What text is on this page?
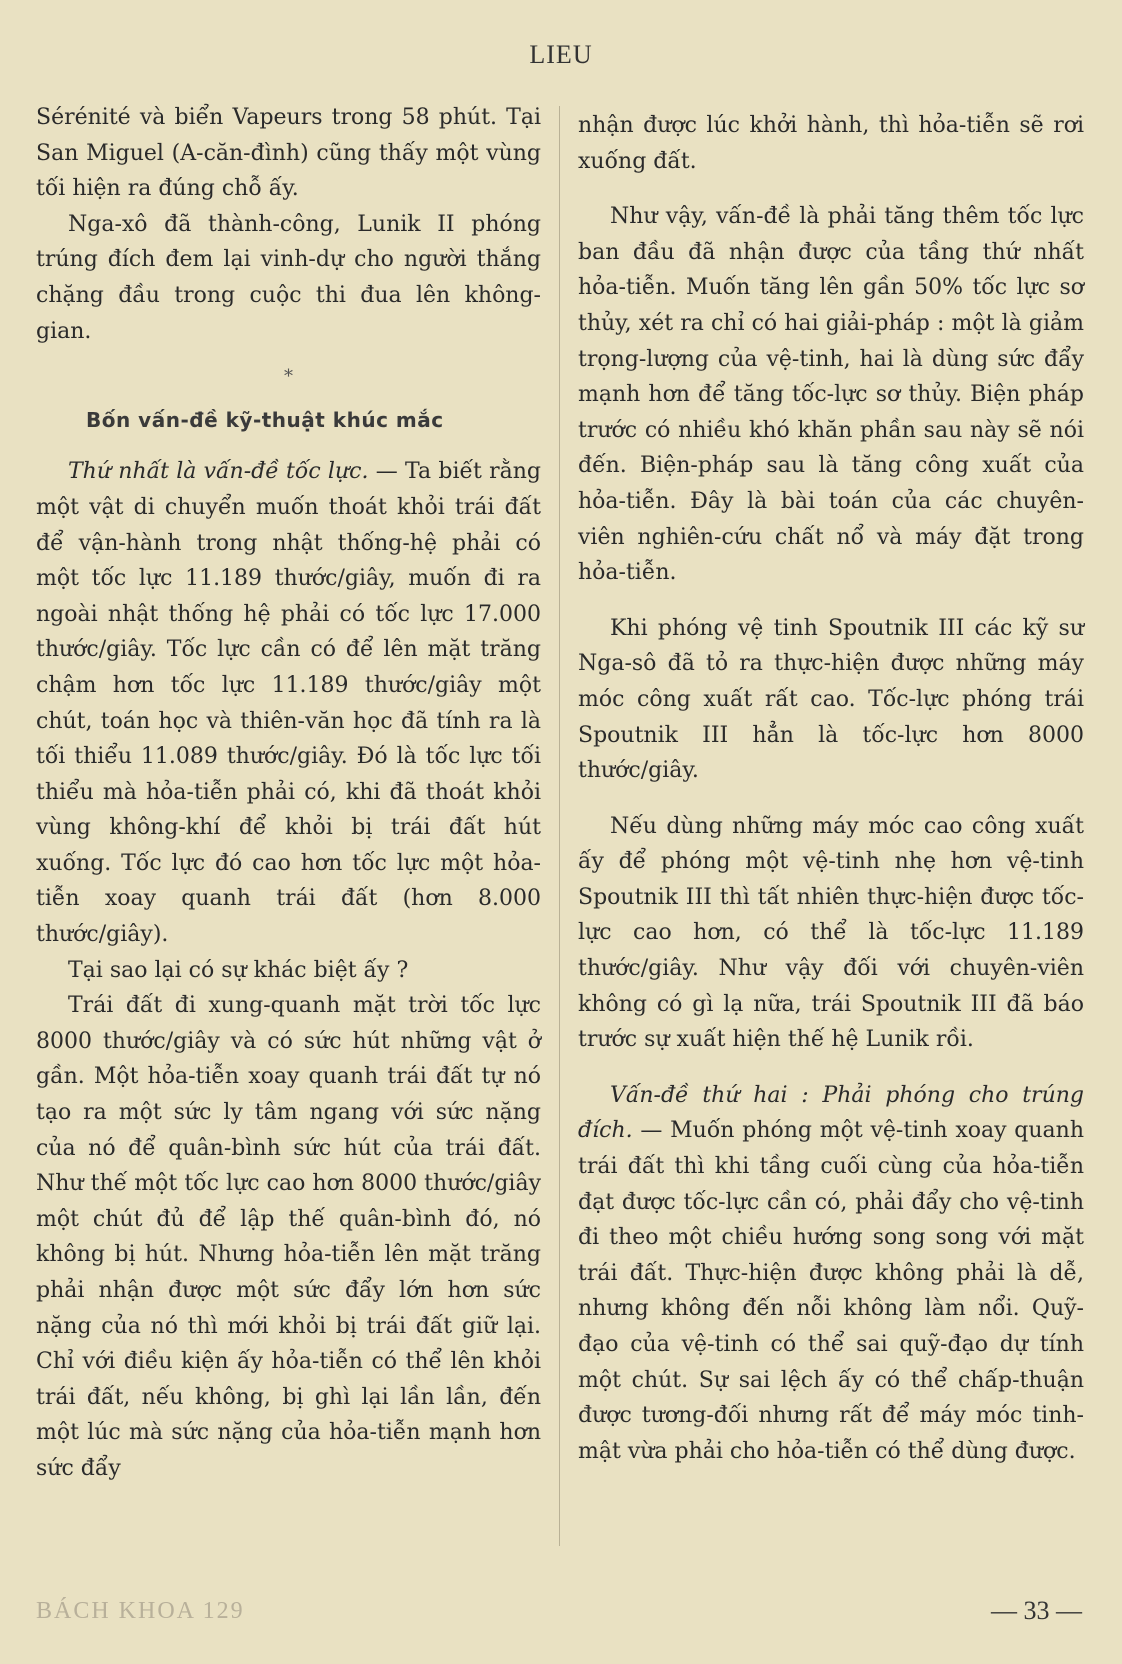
LIEU

Sérénité và biển Vapeurs trong 58 phút. Tại San Miguel (A-căn-đình) cũng thấy một vùng tối hiện ra đúng chỗ ấy.

Nga-xô đã thành-công, Lunik II phóng trúng đích đem lại vinh-dự cho người thắng chặng đầu trong cuộc thi đua lên không-gian.

*
Bốn vấn-đề kỹ-thuật khúc mắc

Thứ nhất là vấn-đề tốc lực. — Ta biết rằng một vật di chuyển muốn thoát khỏi trái đất để vận-hành trong nhật thống-hệ phải có một tốc lực 11.189 thước/giây, muốn đi ra ngoài nhật thống hệ phải có tốc lực 17.000 thước/giây. Tốc lực cần có để lên mặt trăng chậm hơn tốc lực 11.189 thước/giây một chút, toán học và thiên-văn học đã tính ra là tối thiểu 11.089 thước/giây. Đó là tốc lực tối thiểu mà hỏa-tiễn phải có, khi đã thoát khỏi vùng không-khí để khỏi bị trái đất hút xuống. Tốc lực đó cao hơn tốc lực một hỏa-tiễn xoay quanh trái đất (hơn 8.000 thước/giây).

Tại sao lại có sự khác biệt ấy ?

Trái đất đi xung-quanh mặt trời tốc lực 8000 thước/giây và có sức hút những vật ở gần. Một hỏa-tiễn xoay quanh trái đất tự nó tạo ra một sức ly tâm ngang với sức nặng của nó để quân-bình sức hút của trái đất. Như thế một tốc lực cao hơn 8000 thước/giây một chút đủ để lập thế quân-bình đó, nó không bị hút. Nhưng hỏa-tiễn lên mặt trăng phải nhận được một sức đẩy lớn hơn sức nặng của nó thì mới khỏi bị trái đất giữ lại. Chỉ với điều kiện ấy hỏa-tiễn có thể lên khỏi trái đất, nếu không, bị ghì lại lần lần, đến một lúc mà sức nặng của hỏa-tiễn mạnh hơn sức đẩy

nhận được lúc khởi hành, thì hỏa-tiễn sẽ rơi xuống đất.

Như vậy, vấn-đề là phải tăng thêm tốc lực ban đầu đã nhận được của tầng thứ nhất hỏa-tiễn. Muốn tăng lên gần 50% tốc lực sơ thủy, xét ra chỉ có hai giải-pháp : một là giảm trọng-lượng của vệ-tinh, hai là dùng sức đẩy mạnh hơn để tăng tốc-lực sơ thủy. Biện pháp trước có nhiều khó khăn phần sau này sẽ nói đến. Biện-pháp sau là tăng công xuất của hỏa-tiễn. Đây là bài toán của các chuyên-viên nghiên-cứu chất nổ và máy đặt trong hỏa-tiễn.

Khi phóng vệ tinh Spoutnik III các kỹ sư Nga-sô đã tỏ ra thực-hiện được những máy móc công xuất rất cao. Tốc-lực phóng trái Spoutnik III hẳn là tốc-lực hơn 8000 thước/giây.

Nếu dùng những máy móc cao công xuất ấy để phóng một vệ-tinh nhẹ hơn vệ-tinh Spoutnik III thì tất nhiên thực-hiện được tốc-lực cao hơn, có thể là tốc-lực 11.189 thước/giây. Như vậy đối với chuyên-viên không có gì lạ nữa, trái Spoutnik III đã báo trước sự xuất hiện thế hệ Lunik rồi.

Vấn-đề thứ hai : Phải phóng cho trúng đích. — Muốn phóng một vệ-tinh xoay quanh trái đất thì khi tầng cuối cùng của hỏa-tiễn đạt được tốc-lực cần có, phải đẩy cho vệ-tinh đi theo một chiều hướng song song với mặt trái đất. Thực-hiện được không phải là dễ, nhưng không đến nỗi không làm nổi. Quỹ-đạo của vệ-tinh có thể sai quỹ-đạo dự tính một chút. Sự sai lệch ấy có thể chấp-thuận được tương-đối nhưng rất để máy móc tinh-mật vừa phải cho hỏa-tiễn có thể dùng được.

BÁCH KHOA 129	— 33 —
